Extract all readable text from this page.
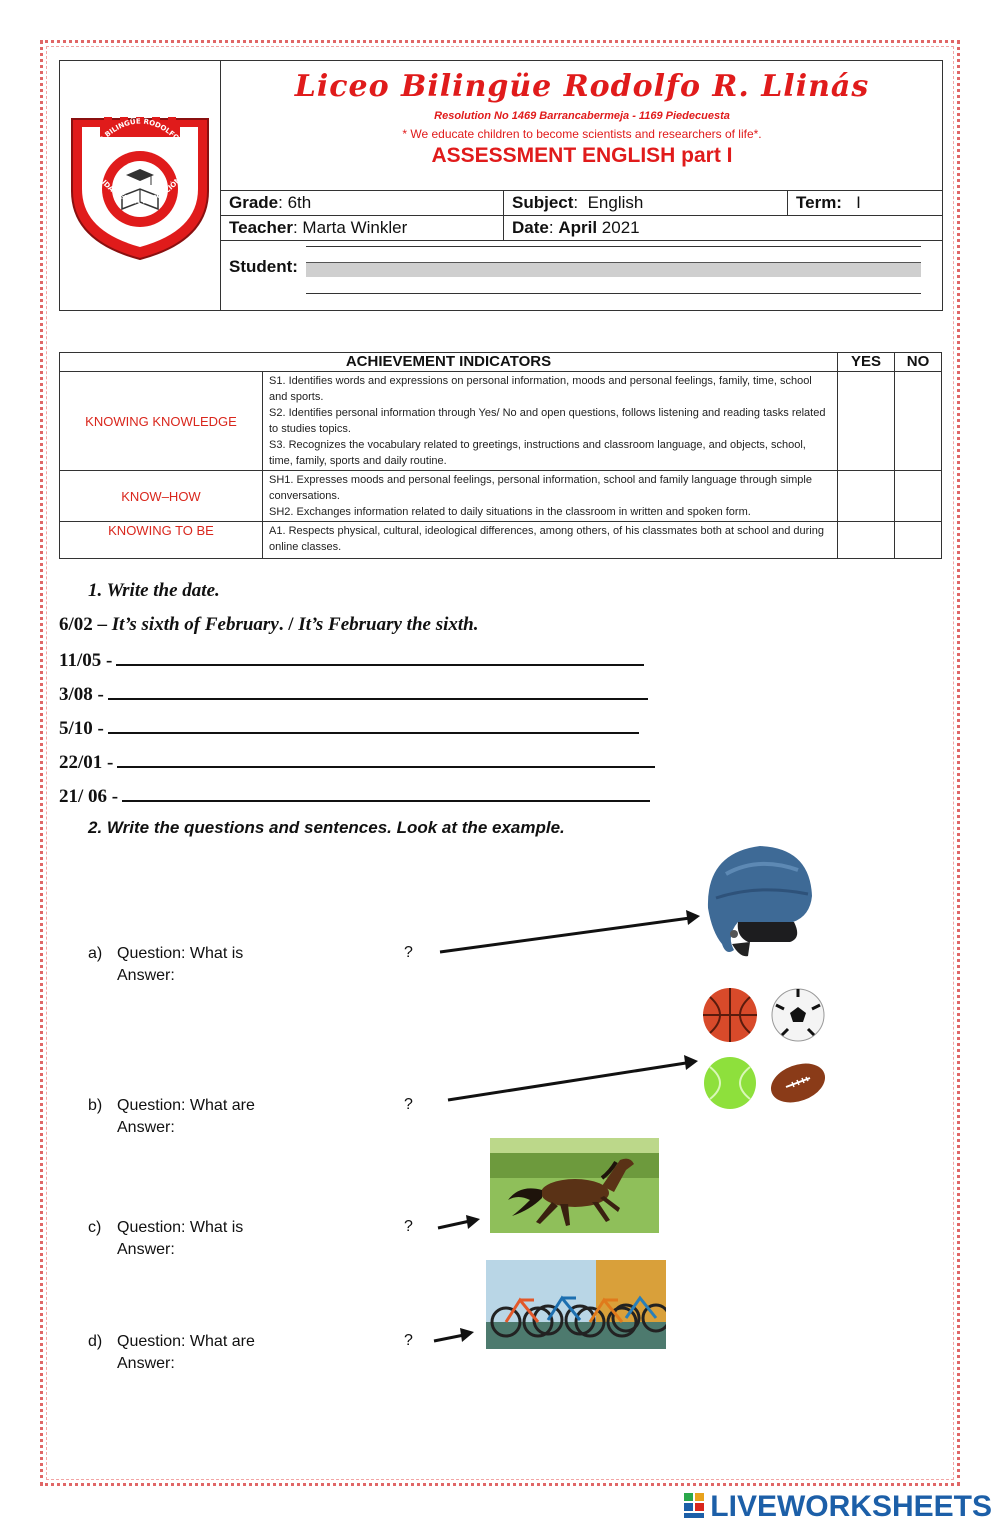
LICEO BILINGÜE RODOLFO R. LL
CALIDAD EN LA EDUCACIÓN
Liceo Bilingüe Rodolfo R. Llinás
Resolution No 1469 Barrancabermeja - 1169 Piedecuesta
* We educate children to become scientists and researchers of life*.
ASSESSMENT ENGLISH part I
Grade: 6th	Subject:  English	Term: I
Teacher: Marta Winkler	Date: April 2021
Student:
ACHIEVEMENT INDICATORS		YES	NO
KNOWING KNOWLEDGE	S1. Identifies words and expressions on personal information, moods and personal feelings, family, time, school and sports.
S2. Identifies personal information through Yes/ No and open questions, follows listening and reading tasks related to studies topics.
S3. Recognizes the vocabulary related to greetings, instructions and classroom language, and objects, school, time, family, sports and daily routine.		

KNOW–HOW	SH1. Expresses moods and personal feelings, personal information, school and family language through simple conversations.
SH2. Exchanges information related to daily situations in the classroom in written and spoken form.		

KNOWING TO BE	A1. Respects physical, cultural, ideological differences, among others, of his classmates both at school and during online classes.		

1. Write the date.
6/02 – It’s sixth of February. / It’s February the sixth.
11/05 -
3/08 -
5/10 -
22/01 -
21/ 06 -
2. Write the questions and sentences. Look at the example.
a) Question: What is
Answer:
?
b) Question: What are
Answer:
?
c) Question: What is
Answer:
?
d) Question: What are
Answer:
?
LIVEWORKSHEETS
